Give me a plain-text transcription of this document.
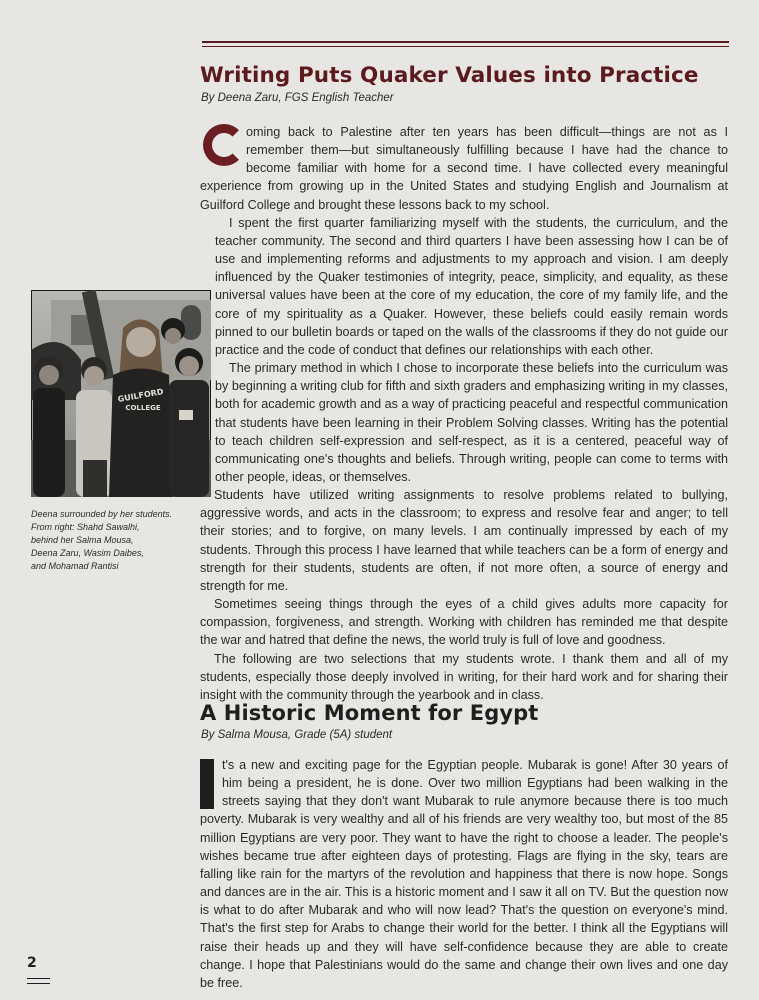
GUILFORD
COLLEGE
Deena surrounded by her students.
From right: Shahd Sawalhi,
behind her Salma Mousa,
Deena Zaru, Wasim Daibes,
and Mohamad Rantisi
Writing Puts Quaker Values into Practice
By Deena Zaru, FGS English Teacher

oming back to Palestine after ten years has been difficult—things are not as I remember them—but simultaneously fulfilling because I have had the chance to become familiar with home for a second time. I have collected every meaningful experience from growing up in the United States and studying English and Journalism at Guilford College and brought these lessons back to my school.

I spent the first quarter familiarizing myself with the students, the curriculum, and the teacher community. The second and third quarters I have been assessing how I can be of use and implementing reforms and adjustments to my approach and vision. I am deeply influenced by the Quaker testimonies of integrity, peace, simplicity, and equality, as these universal values have been at the core of my education, the core of my family life, and the core of my spirituality as a Quaker. However, these beliefs could easily remain words pinned to our bulletin boards or taped on the walls of the classrooms if they do not guide our practice and the code of conduct that defines our relationships with each other.

The primary method in which I chose to incorporate these beliefs into the curriculum was by beginning a writing club for fifth and sixth graders and emphasizing writing in my classes, both for academic growth and as a way of practicing peaceful and respectful communication that students have been learning in their Problem Solving classes. Writing has the potential to teach children self-expression and self-respect, as it is a centered, peaceful way of communicating one's thoughts and beliefs. Through writing, people can come to terms with other people, ideas, or themselves.

Students have utilized writing assignments to resolve problems related to bullying, aggressive words, and acts in the classroom; to express and resolve fear and anger; to tell their stories; and to forgive, on many levels. I am continually impressed by each of my students. Through this process I have learned that while teachers can be a form of energy and strength for their students, students are often, if not more often, a source of energy and strength for me.

Sometimes seeing things through the eyes of a child gives adults more capacity for compassion, forgiveness, and strength. Working with children has reminded me that despite the war and hatred that define the news, the world truly is full of love and goodness.

The following are two selections that my students wrote. I thank them and all of my students, especially those deeply involved in writing, for their hard work and for sharing their insight with the community through the yearbook and in class.

A Historic Moment for Egypt
By Salma Mousa, Grade (5A) student

t's a new and exciting page for the Egyptian people. Mubarak is gone! After 30 years of him being a president, he is done. Over two million Egyptians had been walking in the streets saying that they don't want Mubarak to rule anymore because there is too much poverty. Mubarak is very wealthy and all of his friends are very wealthy too, but most of the 85 million Egyptians are very poor. They want to have the right to choose a leader. The people's wishes became true after eighteen days of protesting. Flags are flying in the sky, tears are falling like rain for the martyrs of the revolution and happiness that there is now hope. Songs and dances are in the air. This is a historic moment and I saw it all on TV. But the question now is what to do after Mubarak and who will now lead? That's the question on everyone's mind. That's the first step for Arabs to change their world for the better. I think all the Egyptians will raise their heads up and they will have self-confidence because they are able to create change. I hope that Palestinians would do the same and change their own lives and one day be free.

2
